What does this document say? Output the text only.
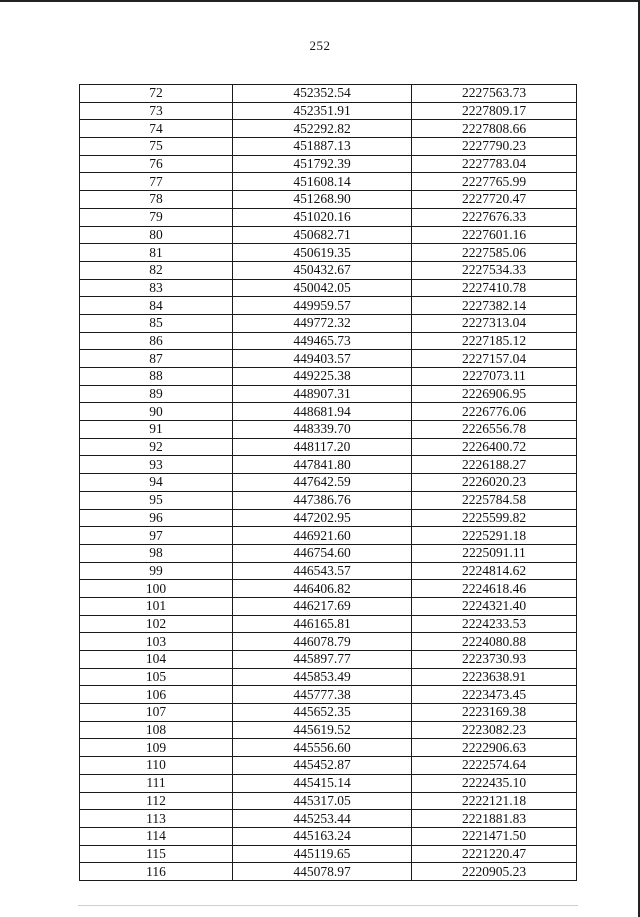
252
72	452352.54	2227563.73
73	452351.91	2227809.17
74	452292.82	2227808.66
75	451887.13	2227790.23
76	451792.39	2227783.04
77	451608.14	2227765.99
78	451268.90	2227720.47
79	451020.16	2227676.33
80	450682.71	2227601.16
81	450619.35	2227585.06
82	450432.67	2227534.33
83	450042.05	2227410.78
84	449959.57	2227382.14
85	449772.32	2227313.04
86	449465.73	2227185.12
87	449403.57	2227157.04
88	449225.38	2227073.11
89	448907.31	2226906.95
90	448681.94	2226776.06
91	448339.70	2226556.78
92	448117.20	2226400.72
93	447841.80	2226188.27
94	447642.59	2226020.23
95	447386.76	2225784.58
96	447202.95	2225599.82
97	446921.60	2225291.18
98	446754.60	2225091.11
99	446543.57	2224814.62
100	446406.82	2224618.46
101	446217.69	2224321.40
102	446165.81	2224233.53
103	446078.79	2224080.88
104	445897.77	2223730.93
105	445853.49	2223638.91
106	445777.38	2223473.45
107	445652.35	2223169.38
108	445619.52	2223082.23
109	445556.60	2222906.63
110	445452.87	2222574.64
111	445415.14	2222435.10
112	445317.05	2222121.18
113	445253.44	2221881.83
114	445163.24	2221471.50
115	445119.65	2221220.47
116	445078.97	2220905.23
